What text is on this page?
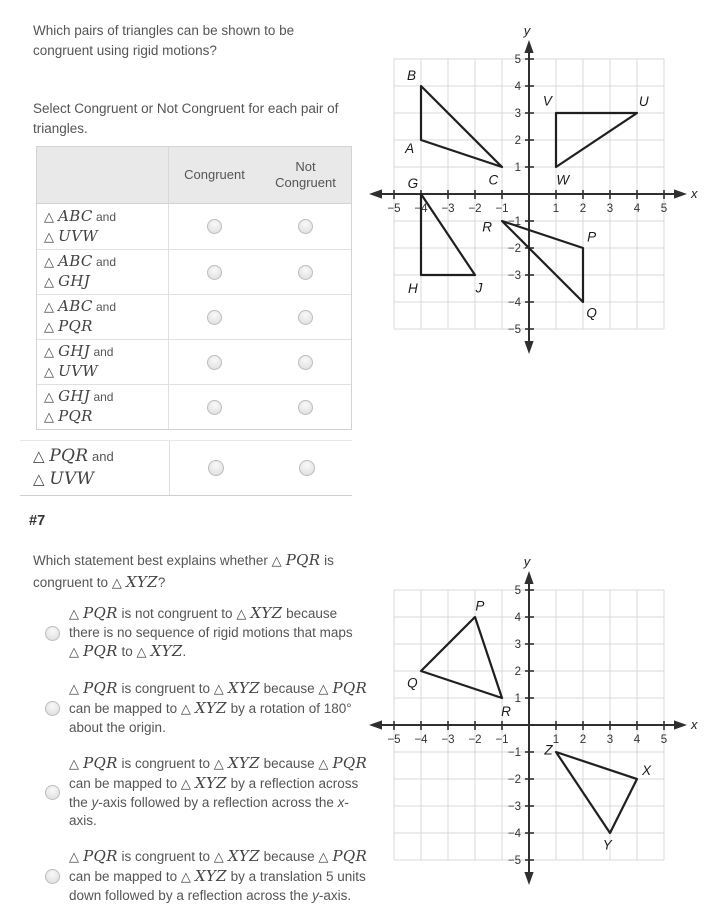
Which pairs of triangles can be shown to be congruent using rigid motions?
Select Congruent or Not Congruent for each pair of triangles.
Congruent
Not Congruent
△ ABC and
△ UVW
△ ABC and
△ GHJ
△ ABC and
△ PQR
△ GHJ and
△ UVW
△ GHJ and
△ PQR
△ PQR and
△ UVW
#7
Which statement best explains whether △ PQR is congruent to △ XYZ?
△ PQR is not congruent to △ XYZ because there is no sequence of rigid motions that maps △ PQR to △ XYZ.
△ PQR is congruent to △ XYZ because △ PQR can be mapped to △ XYZ by a rotation of 180° about the origin.
△ PQR is congruent to △ XYZ because △ PQR can be mapped to △ XYZ by a reflection across the y-axis followed by a reflection across the x-axis.
△ PQR is congruent to △ XYZ because △ PQR can be mapped to △ XYZ by a translation 5 units down followed by a reflection across the y-axis.
x
y
−5 −4 −3 −2 −1	1 2 3 4 5
−5
−4
−3
−2
−1
1
2
3
4
5
B
A
C
V	U
W
G
H	J
R
P
Q
x
y
−5 −4 −3 −2 −1	1 2 3 4 5
−5
−4
−3
−2
−1
1
2
3
4
5
P
Q
R
Z
X
Y
